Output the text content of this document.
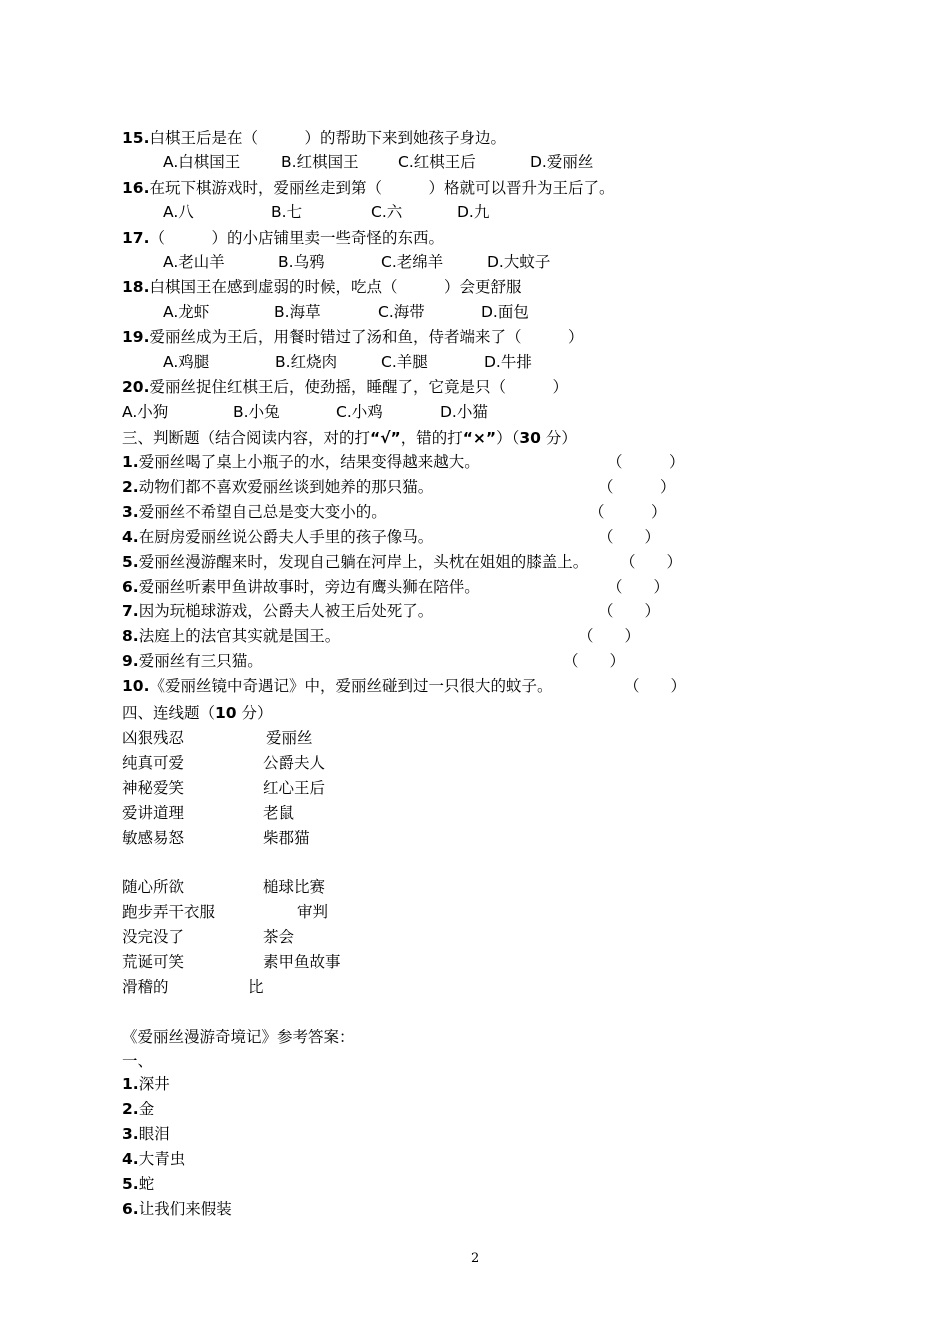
15.白棋王后是在（　　　）的帮助下来到她孩子身边。
A.白棋国王	B.红棋国王	C.红棋王后	D.爱丽丝
16.在玩下棋游戏时，爱丽丝走到第（　　　）格就可以晋升为王后了。
A.八	B.七	C.六	D.九
17.（　　　）的小店铺里卖一些奇怪的东西。
A.老山羊	B.乌鸦	C.老绵羊	D.大蚊子
18.白棋国王在感到虚弱的时候，吃点（　　　）会更舒服
A.龙虾	B.海草	C.海带	D.面包
19.爱丽丝成为王后，用餐时错过了汤和鱼，侍者端来了（　　　）
A.鸡腿	B.红烧肉	C.羊腿	D.牛排
20.爱丽丝捉住红棋王后，使劲摇，睡醒了，它竟是只（　　　）
A.小狗	B.小兔	C.小鸡	D.小猫
三、判断题（结合阅读内容，对的打“√”，错的打“×”）（30 分）
1.爱丽丝喝了桌上小瓶子的水，结果变得越来越大。	（　　　）
2.动物们都不喜欢爱丽丝谈到她养的那只猫。	（　　　）
3.爱丽丝不希望自己总是变大变小的。	（　　　）
4.在厨房爱丽丝说公爵夫人手里的孩子像马。	（　　）
5.爱丽丝漫游醒来时，发现自己躺在河岸上，头枕在姐姐的膝盖上。 （　　）
6.爱丽丝听素甲鱼讲故事时，旁边有鹰头狮在陪伴。	（　　）
7.因为玩槌球游戏，公爵夫人被王后处死了。	（　　）
8.法庭上的法官其实就是国王。	（　　）
9.爱丽丝有三只猫。	（　　）
10.《爱丽丝镜中奇遇记》中，爱丽丝碰到过一只很大的蚊子。	（　　）
四、连线题（10 分）
凶狠残忍	爱丽丝
纯真可爱	公爵夫人
神秘爱笑	红心王后
爱讲道理	老鼠
敏感易怒	柴郡猫
随心所欲	槌球比赛
跑步弄干衣服	审判
没完没了	茶会
荒诞可笑	素甲鱼故事
滑稽的	比
《爱丽丝漫游奇境记》参考答案：
一、
1.深井
2.金
3.眼泪
4.大青虫
5.蛇
6.让我们来假装
2
